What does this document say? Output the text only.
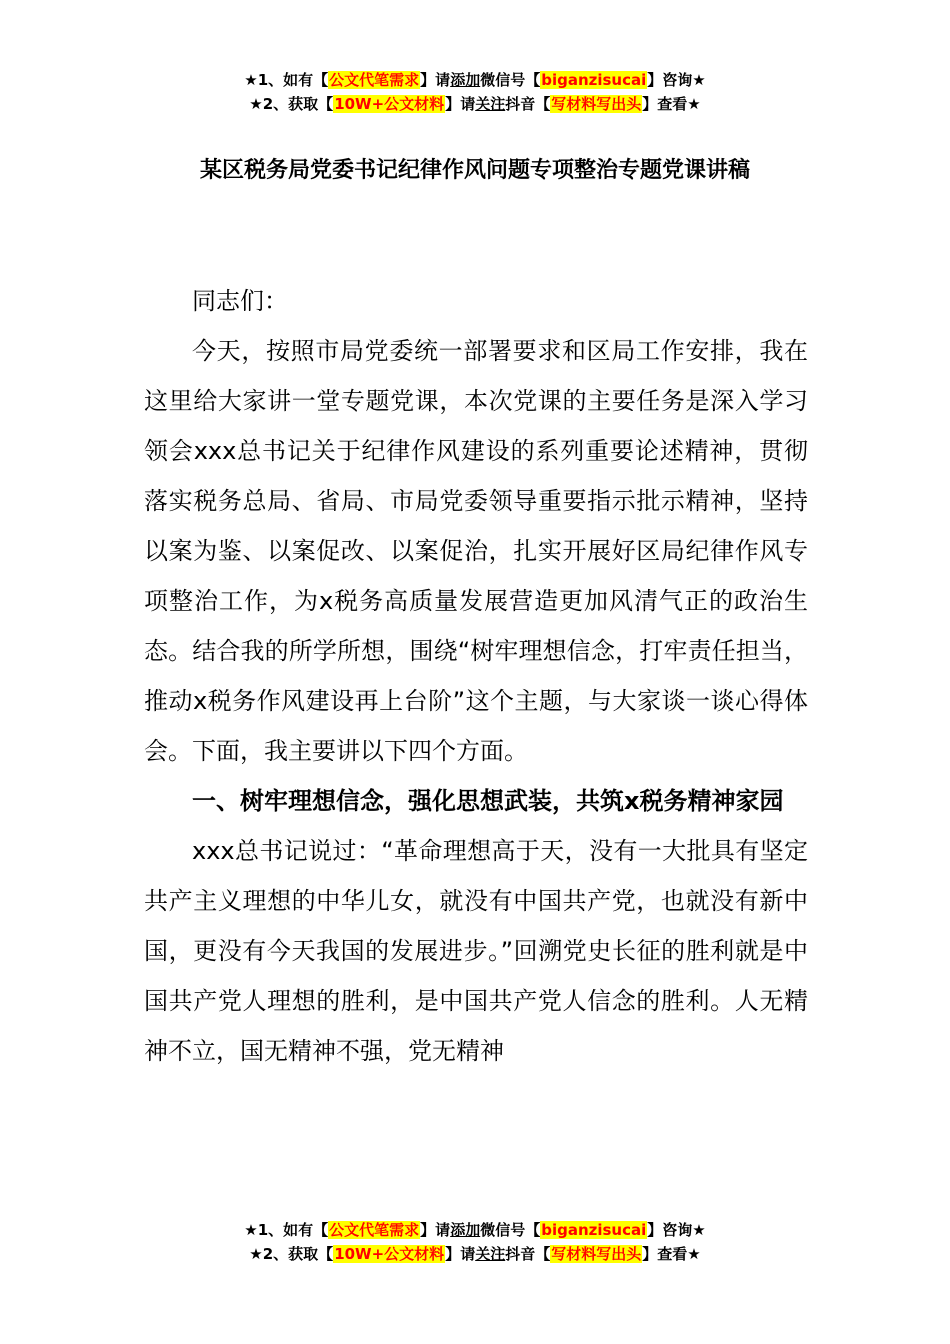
★1、如有【公文代笔需求】请添加微信号【biganzisucai】咨询★
★2、获取【10W+公文材料】请关注抖音【写材料写出头】查看★
某区税务局党委书记纪律作风问题专项整治专题党课讲稿

同志们：

今天，按照市局党委统一部署要求和区局工作安排，我在这里给大家讲一堂专题党课，本次党课的主要任务是深入学习领会xxx总书记关于纪律作风建设的系列重要论述精神，贯彻落实税务总局、省局、市局党委领导重要指示批示精神，坚持以案为鉴、以案促改、以案促治，扎实开展好区局纪律作风专项整治工作，为x税务高质量发展营造更加风清气正的政治生态。结合我的所学所想，围绕“树牢理想信念，打牢责任担当，推动x税务作风建设再上台阶”这个主题，与大家谈一谈心得体会。下面，我主要讲以下四个方面。

一、树牢理想信念，强化思想武装，共筑x税务精神家园

xxx总书记说过：“革命理想高于天，没有一大批具有坚定共产主义理想的中华儿女，就没有中国共产党，也就没有新中国，更没有今天我国的发展进步。”回溯党史长征的胜利就是中国共产党人理想的胜利，是中国共产党人信念的胜利。人无精神不立，国无精神不强，党无精神

★1、如有【公文代笔需求】请添加微信号【biganzisucai】咨询★
★2、获取【10W+公文材料】请关注抖音【写材料写出头】查看★
